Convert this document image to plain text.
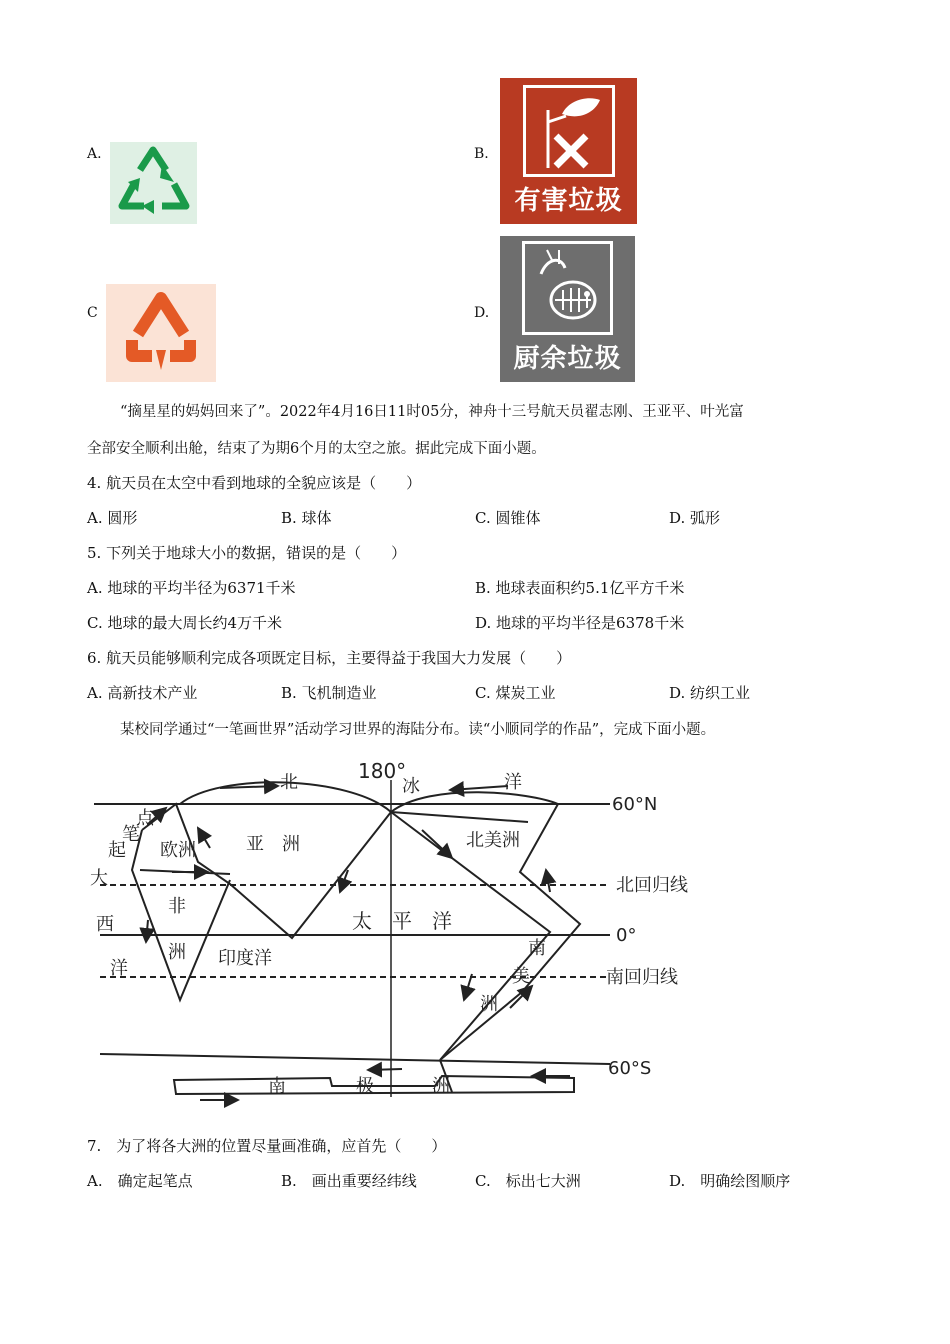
A.	B.
有害垃圾
C	D.
厨余垃圾
“摘星星的妈妈回来了”。2022年4月16日11时05分，神舟十三号航天员翟志刚、王亚平、叶光富
全部安全顺利出舱，结束了为期6个月的太空之旅。据此完成下面小题。
4. 航天员在太空中看到地球的全貌应该是（　　）
A. 圆形	B. 球体	C. 圆锥体	D. 弧形
5. 下列关于地球大小的数据，错误的是（　　）
A. 地球的平均半径为6371千米	B. 地球表面积约5.1亿平方千米
C. 地球的最大周长约4万千米	D. 地球的平均半径是6378千米
6. 航天员能够顺利完成各项既定目标，主要得益于我国大力发展（　　）
A. 高新技术产业	B. 飞机制造业	C. 煤炭工业	D. 纺织工业
某校同学通过“一笔画世界”活动学习世界的海陆分布。读“小顺同学的作品”，完成下面小题。
180°
60°N
北回归线
0°
南回归线
60°S
北	冰	洋
起
笔
点
欧洲	亚　洲
非
洲
北美洲
南
美
洲
大
西
洋	印度洋
太　平　洋
南	极	洲
7.　为了将各大洲的位置尽量画准确，应首先（　　）
A.　确定起笔点	B.　画出重要经纬线	C.　标出七大洲	D.　明确绘图顺序
